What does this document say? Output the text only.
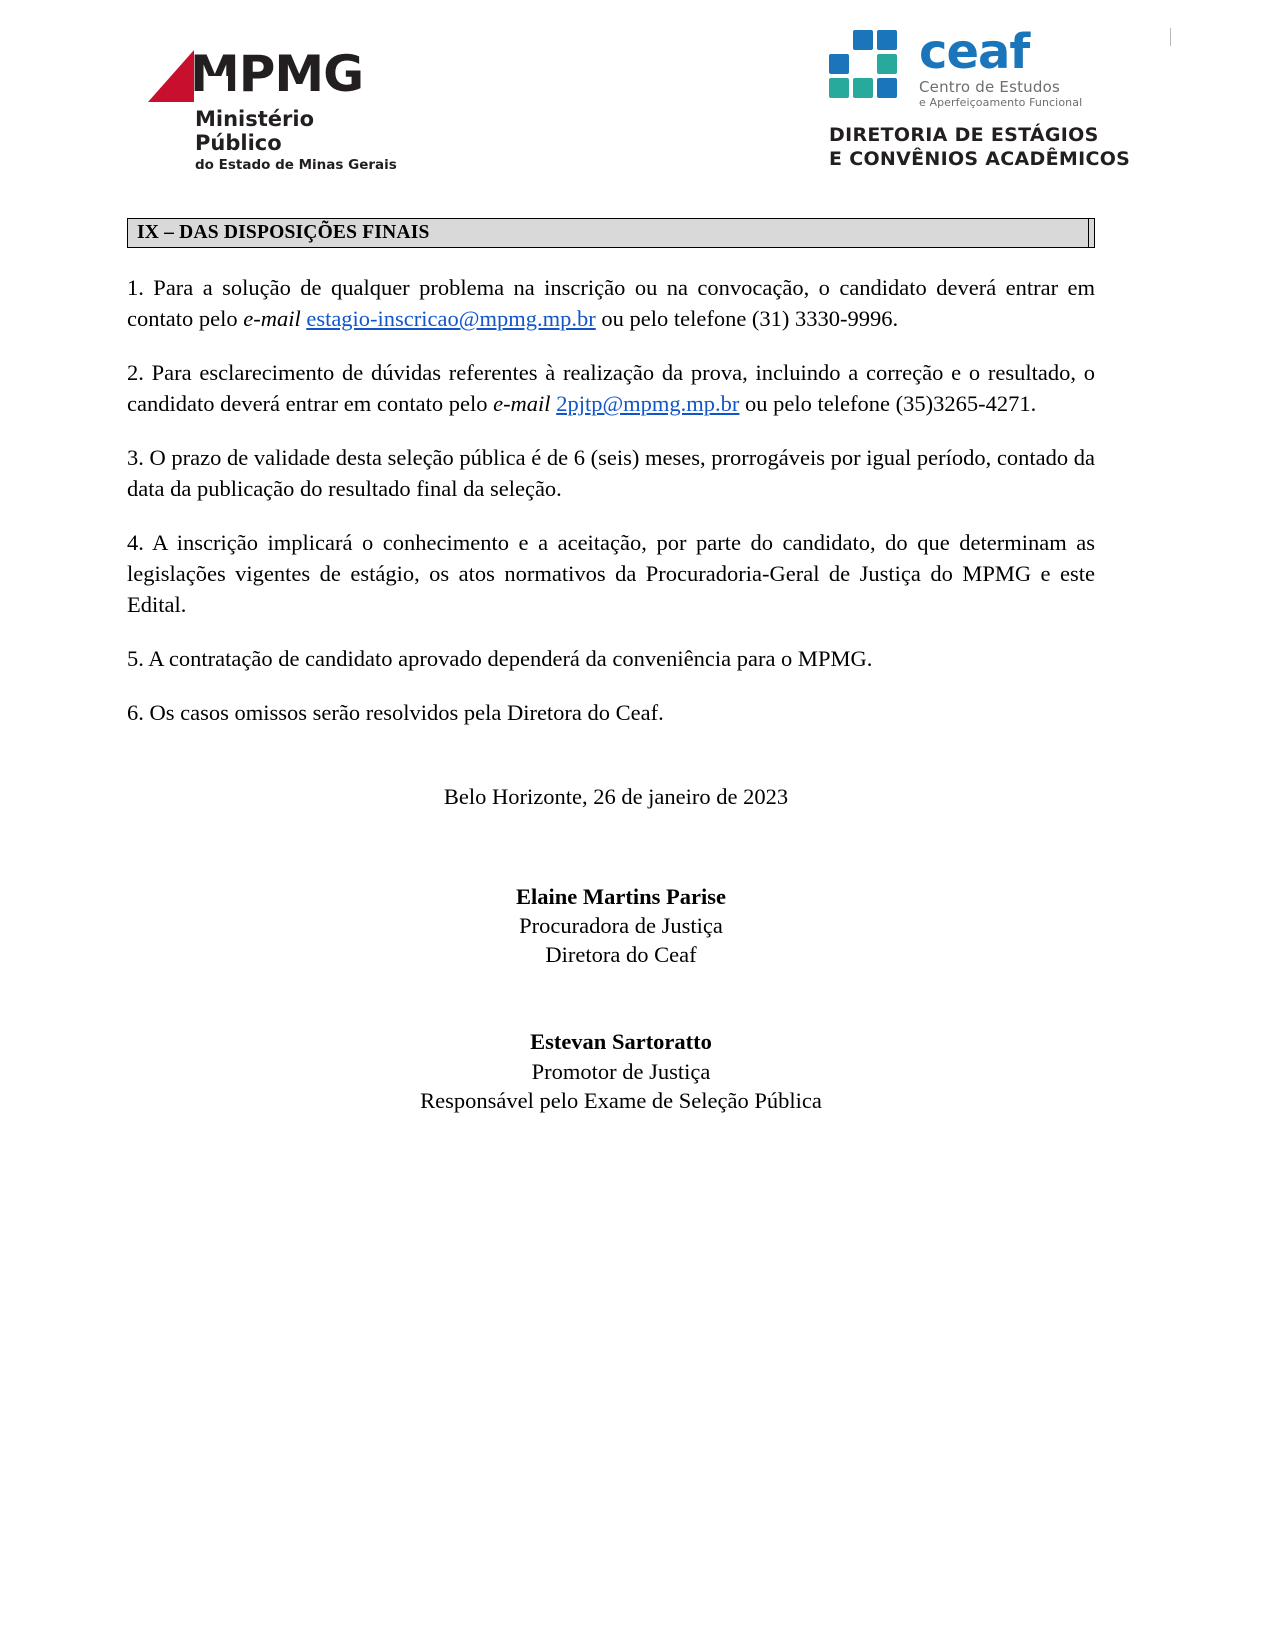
MPMG
Ministério Público
do Estado de Minas Gerais
ceaf
Centro de Estudos
e Aperfeiçoamento Funcional
DIRETORIA DE ESTÁGIOS
E CONVÊNIOS ACADÊMICOS
IX – DAS DISPOSIÇÕES FINAIS

1. Para a solução de qualquer problema na inscrição ou na convocação, o candidato deverá entrar em contato pelo e-mail estagio-inscricao@mpmg.mp.br ou pelo telefone (31) 3330-9996.

2. Para esclarecimento de dúvidas referentes à realização da prova, incluindo a correção e o resultado, o candidato deverá entrar em contato pelo e-mail 2pjtp@mpmg.mp.br ou pelo telefone (35)3265-4271.

3. O prazo de validade desta seleção pública é de 6 (seis) meses, prorrogáveis por igual período, contado da data da publicação do resultado final da seleção.

4. A inscrição implicará o conhecimento e a aceitação, por parte do candidato, do que determinam as legislações vigentes de estágio, os atos normativos da Procuradoria-Geral de Justiça do MPMG e este Edital.

5. A contratação de candidato aprovado dependerá da conveniência para o MPMG.

6. Os casos omissos serão resolvidos pela Diretora do Ceaf.

Belo Horizonte, 26 de janeiro de 2023
Elaine Martins Parise
Procuradora de Justiça
Diretora do Ceaf
Estevan Sartoratto
Promotor de Justiça
Responsável pelo Exame de Seleção Pública
